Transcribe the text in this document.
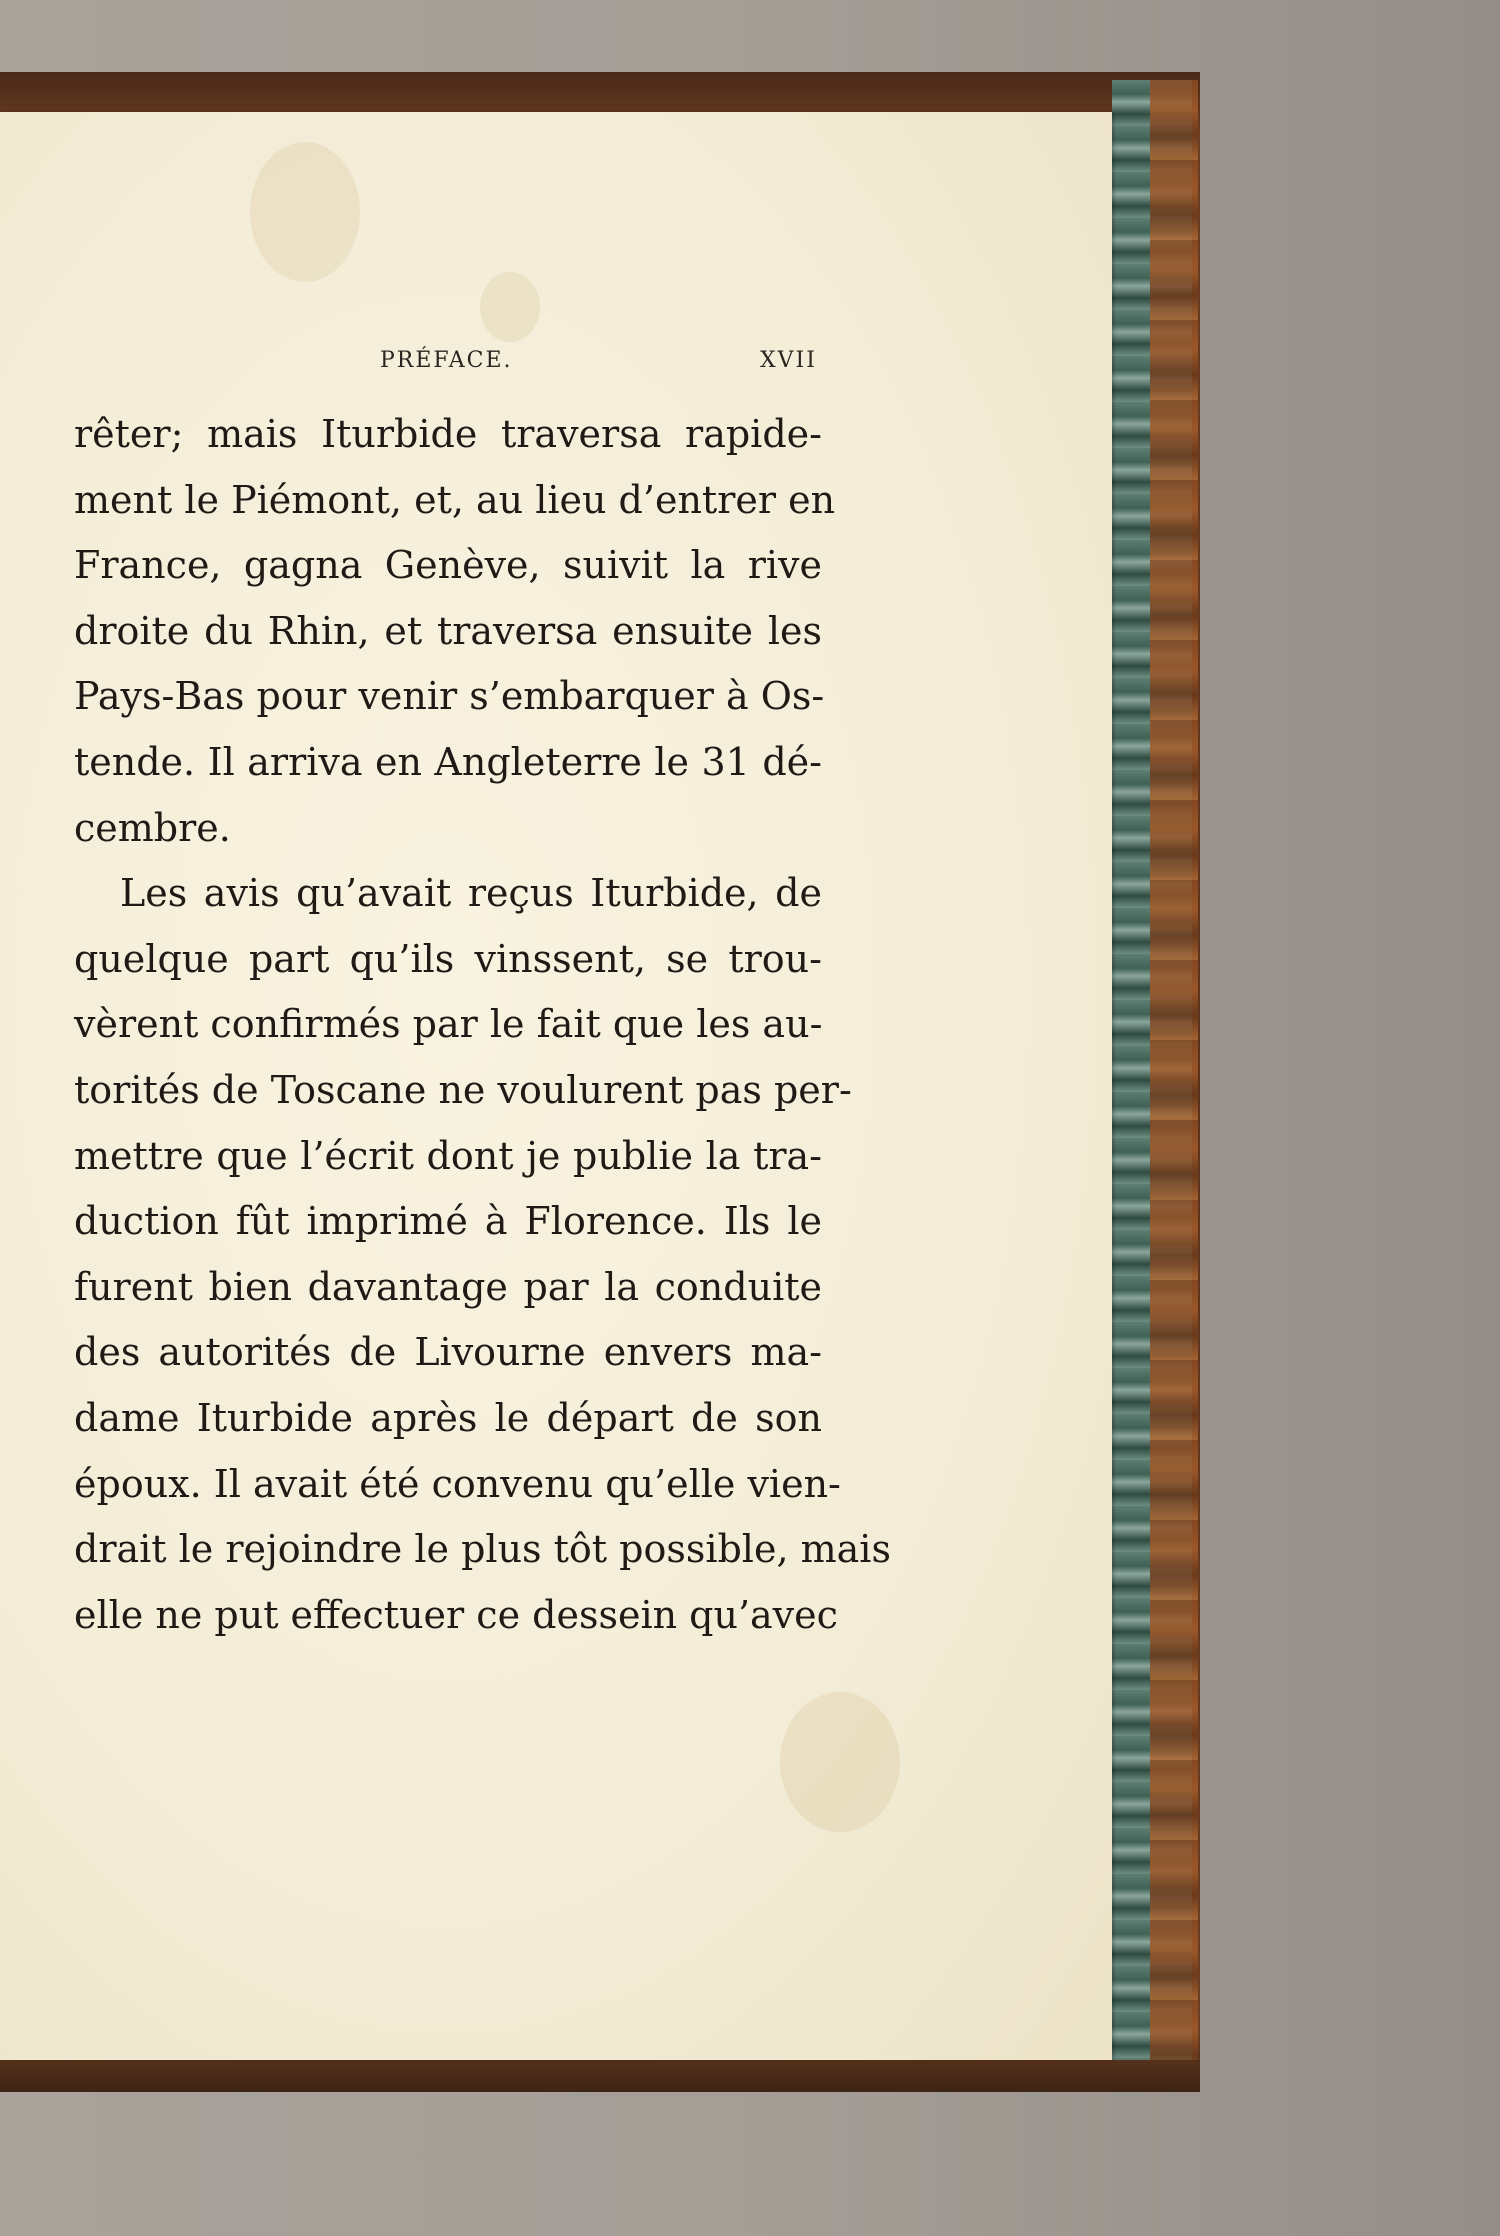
PRÉFACE.	XVII
rêter; mais Iturbide traversa rapide-
ment le Piémont, et, au lieu d’entrer en
France, gagna Genève, suivit la rive
droite du Rhin, et traversa ensuite les
Pays-Bas pour venir s’embarquer à Os-
tende. Il arriva en Angleterre le 31 dé-
cembre.
Les avis qu’avait reçus Iturbide, de
quelque part qu’ils vinssent, se trou-
vèrent confirmés par le fait que les au-
torités de Toscane ne voulurent pas per-
mettre que l’écrit dont je publie la tra-
duction fût imprimé à Florence. Ils le
furent bien davantage par la conduite
des autorités de Livourne envers ma-
dame Iturbide après le départ de son
époux. Il avait été convenu qu’elle vien-
drait le rejoindre le plus tôt possible, mais
elle ne put effectuer ce dessein qu’avec
